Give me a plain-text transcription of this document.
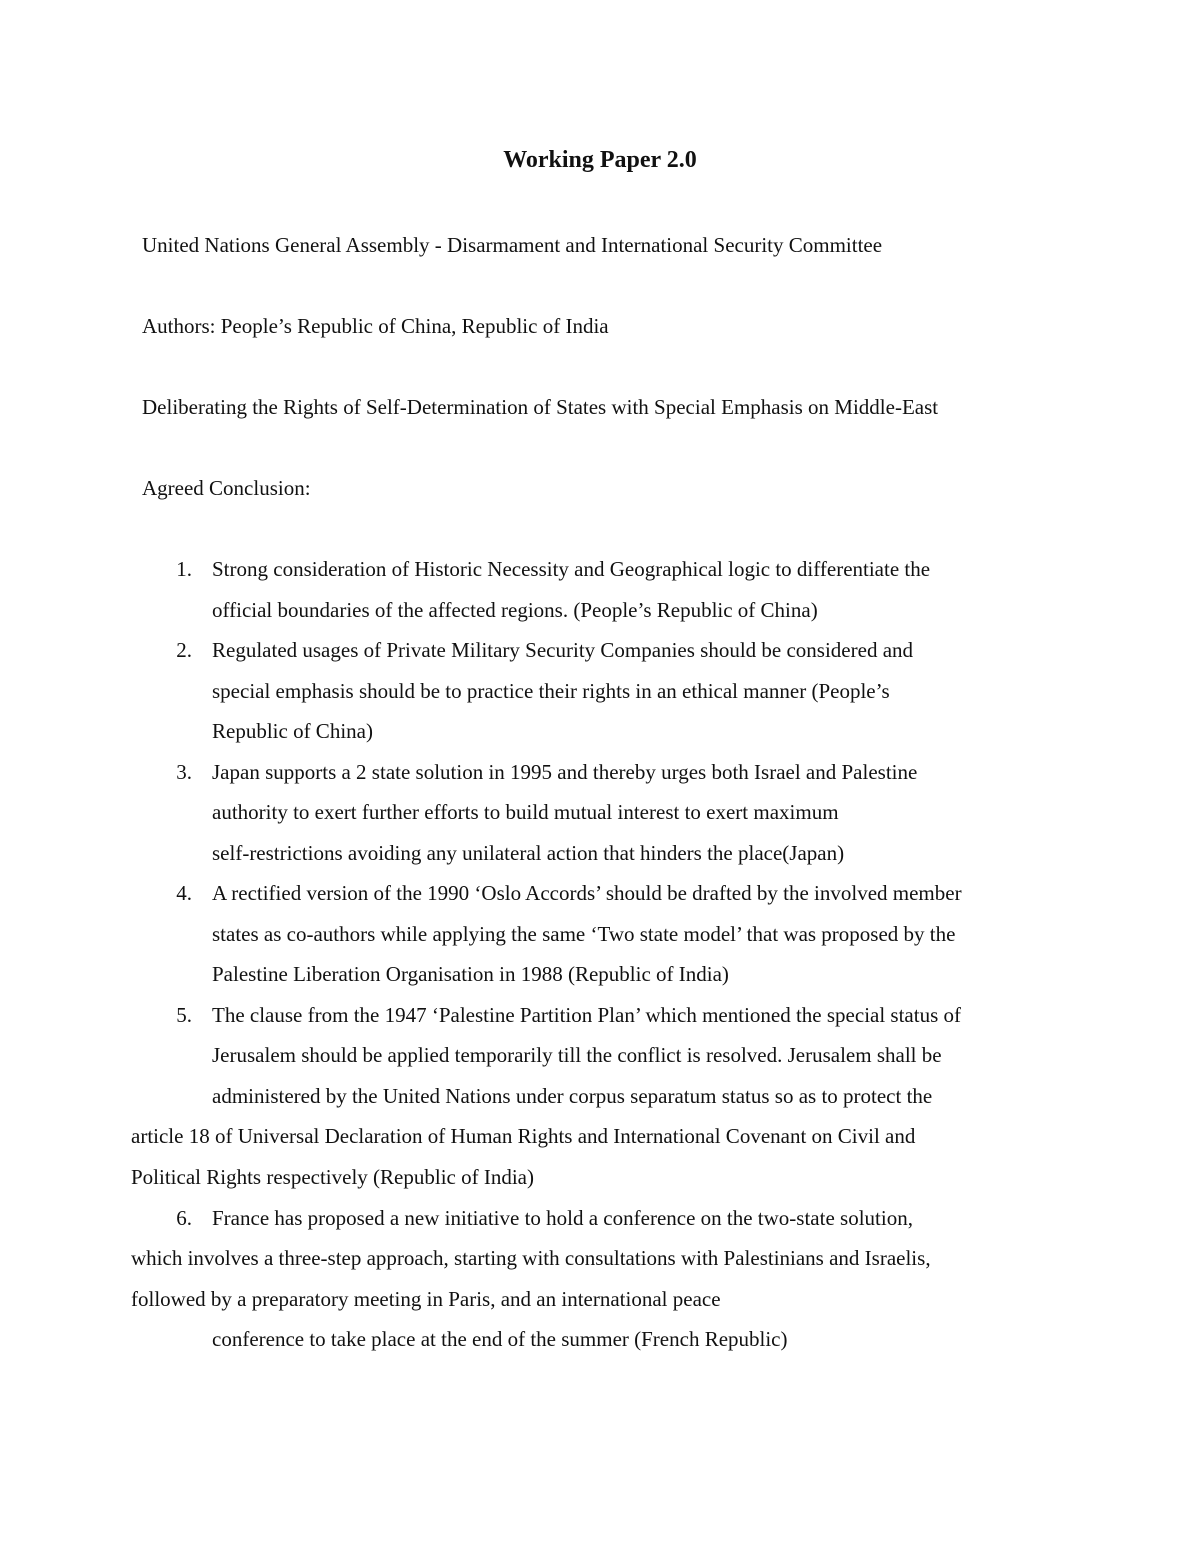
Working Paper 2.0
United Nations General Assembly - Disarmament and International Security Committee
Authors: People’s Republic of China, Republic of India
Deliberating the Rights of Self-Determination of States with Special Emphasis on Middle-East
Agreed Conclusion:
1. Strong consideration of Historic Necessity and Geographical logic to differentiate the
official boundaries of the affected regions. (People’s Republic of China)
2. Regulated usages of Private Military Security Companies should be considered and
special emphasis should be to practice their rights in an ethical manner (People’s
Republic of China)
3. Japan supports a 2 state solution in 1995 and thereby urges both Israel and Palestine
authority to exert further efforts to build mutual interest to exert maximum
self-restrictions avoiding any unilateral action that hinders the place(Japan)
4. A rectified version of the 1990 ‘Oslo Accords’ should be drafted by the involved member
states as co-authors while applying the same ‘Two state model’ that was proposed by the
Palestine Liberation Organisation in 1988 (Republic of India)
5. The clause from the 1947 ‘Palestine Partition Plan’ which mentioned the special status of
Jerusalem should be applied temporarily till the conflict is resolved. Jerusalem shall be
administered by the United Nations under corpus separatum status so as to protect the
article 18 of Universal Declaration of Human Rights and International Covenant on Civil and
Political Rights respectively (Republic of India)
6. France has proposed a new initiative to hold a conference on the two-state solution,
which involves a three-step approach, starting with consultations with Palestinians and Israelis,
followed by a preparatory meeting in Paris, and an international peace
conference to take place at the end of the summer (French Republic)
